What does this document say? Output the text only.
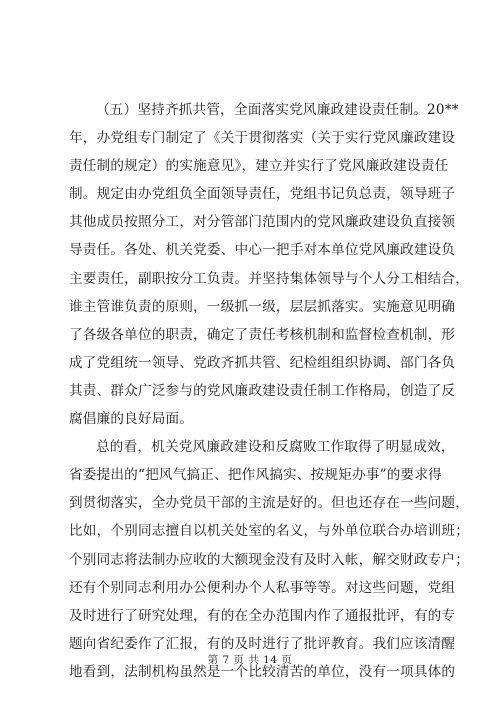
（五）坚持齐抓共管，全面落实党风廉政建设责任制。20**
年，办党组专门制定了《关于贯彻落实（关于实行党风廉政建设
责任制的规定）的实施意见》，建立并实行了党风廉政建设责任
制。规定由办党组负全面领导责任，党组书记负总责，领导班子
其他成员按照分工，对分管部门范围内的党风廉政建设负直接领
导责任。各处、机关党委、中心一把手对本单位党风廉政建设负
主要责任，副职按分工负责。并坚持集体领导与个人分工相结合，
谁主管谁负责的原则，一级抓一级，层层抓落实。实施意见明确
了各级各单位的职责，确定了责任考核机制和监督检查机制，形
成了党组统一领导、党政齐抓共管、纪检组组织协调、部门各负
其责、群众广泛参与的党风廉政建设责任制工作格局，创造了反
腐倡廉的良好局面。

总的看，机关党风廉政建设和反腐败工作取得了明显成效，
省委提出的“把风气搞正、把作风搞实、按规矩办事”的要求得
到贯彻落实，全办党员干部的主流是好的。但也还存在一些问题，
比如，个别同志擅自以机关处室的名义，与外单位联合办培训班；
个别同志将法制办应收的大额现金没有及时入帐，解交财政专户；
还有个别同志利用办公便利办个人私事等等。对这些问题，党组
及时进行了研究处理，有的在全办范围内作了通报批评，有的专
题向省纪委作了汇报，有的及时进行了批评教育。我们应该清醒
地看到，法制机构虽然是一个比较清苦的单位，没有一项具体的

第 7 页 共 14 页
